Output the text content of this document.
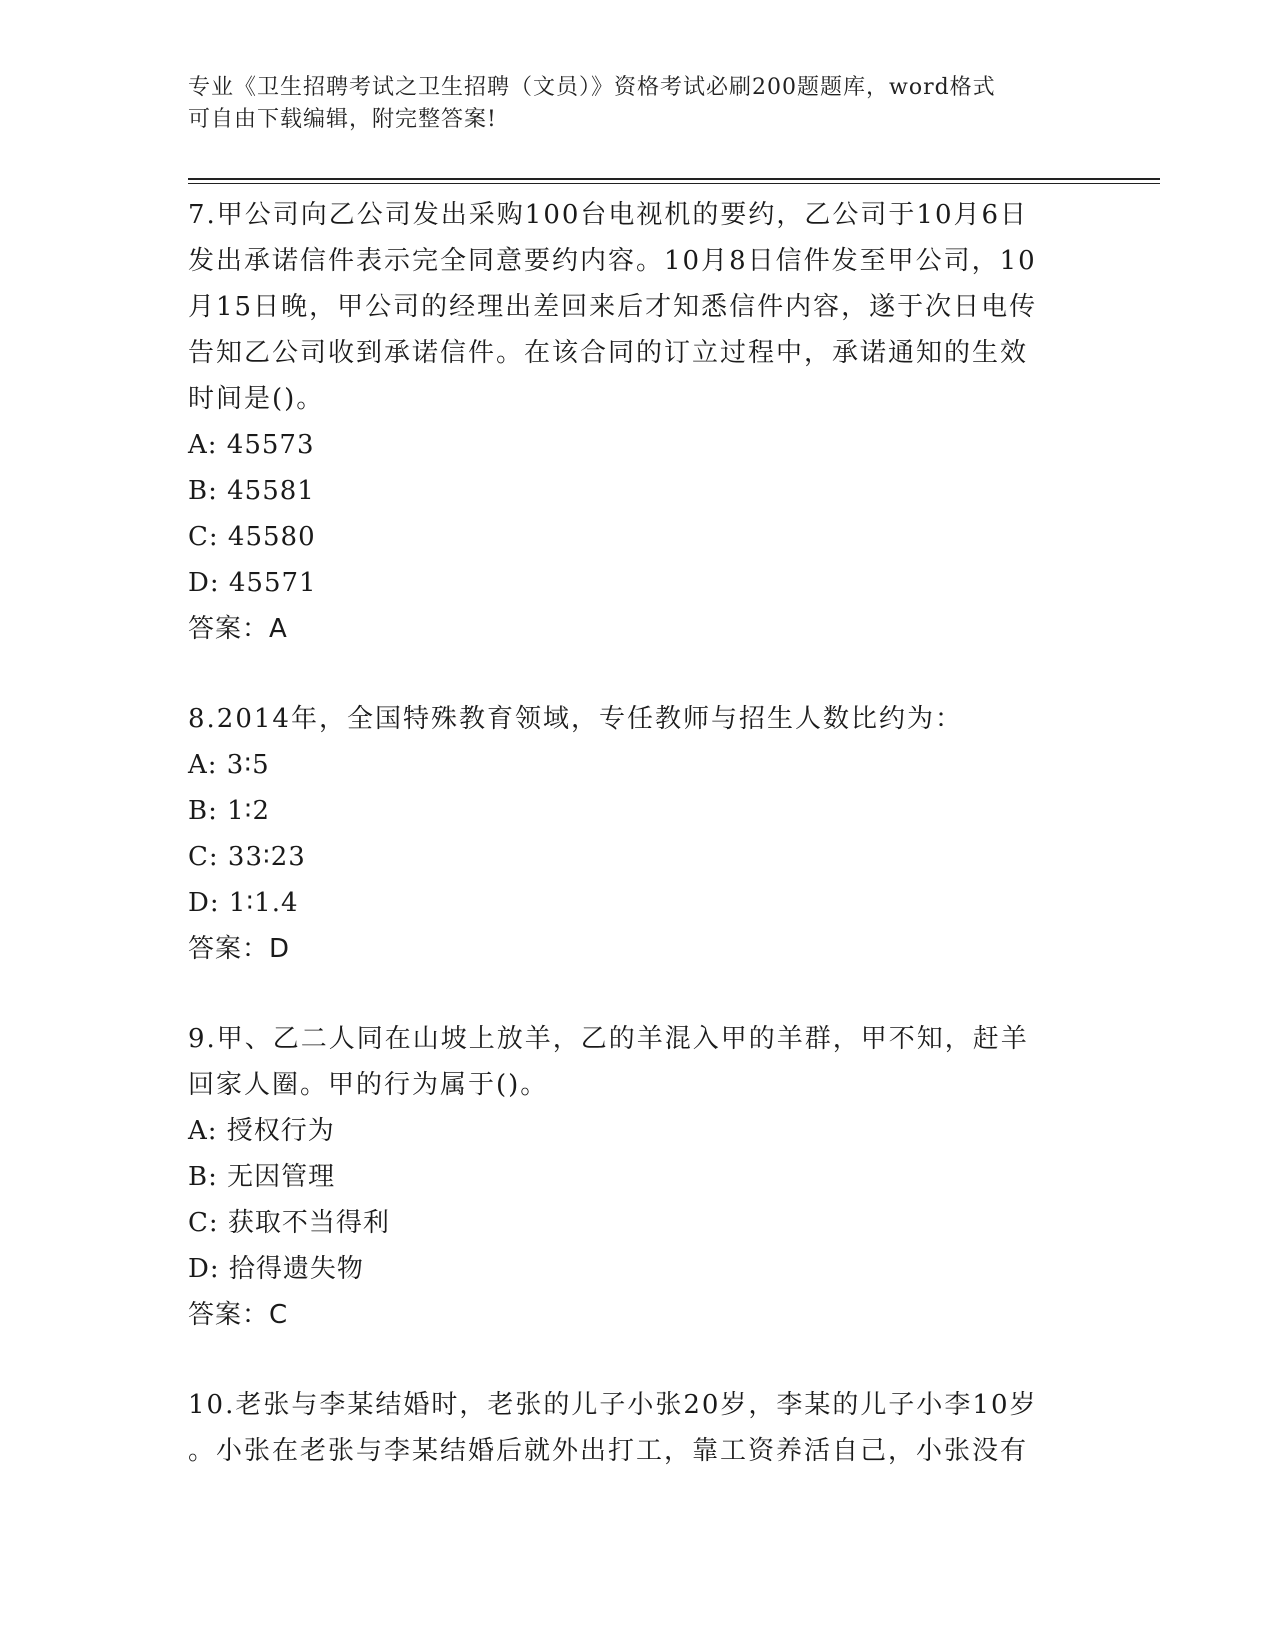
专业《卫生招聘考试之卫生招聘（文员）》资格考试必刷200题题库，word格式
可自由下载编辑，附完整答案!

7.甲公司向乙公司发出采购100台电视机的要约，乙公司于10月6日

发出承诺信件表示完全同意要约内容。10月8日信件发至甲公司，10

月15日晚，甲公司的经理出差回来后才知悉信件内容，遂于次日电传

告知乙公司收到承诺信件。在该合同的订立过程中，承诺通知的生效

时间是()。

A: 45573

B: 45581

C: 45580

D: 45571

答案：A

8.2014年，全国特殊教育领域，专任教师与招生人数比约为：

A: 3∶5

B: 1∶2

C: 33∶23

D: 1∶1.4

答案：D

9.甲、乙二人同在山坡上放羊，乙的羊混入甲的羊群，甲不知，赶羊

回家人圈。甲的行为属于()。

A: 授权行为

B: 无因管理

C: 获取不当得利

D: 拾得遗失物

答案：C

10.老张与李某结婚时，老张的儿子小张20岁，李某的儿子小李10岁

。小张在老张与李某结婚后就外出打工，靠工资养活自己，小张没有
